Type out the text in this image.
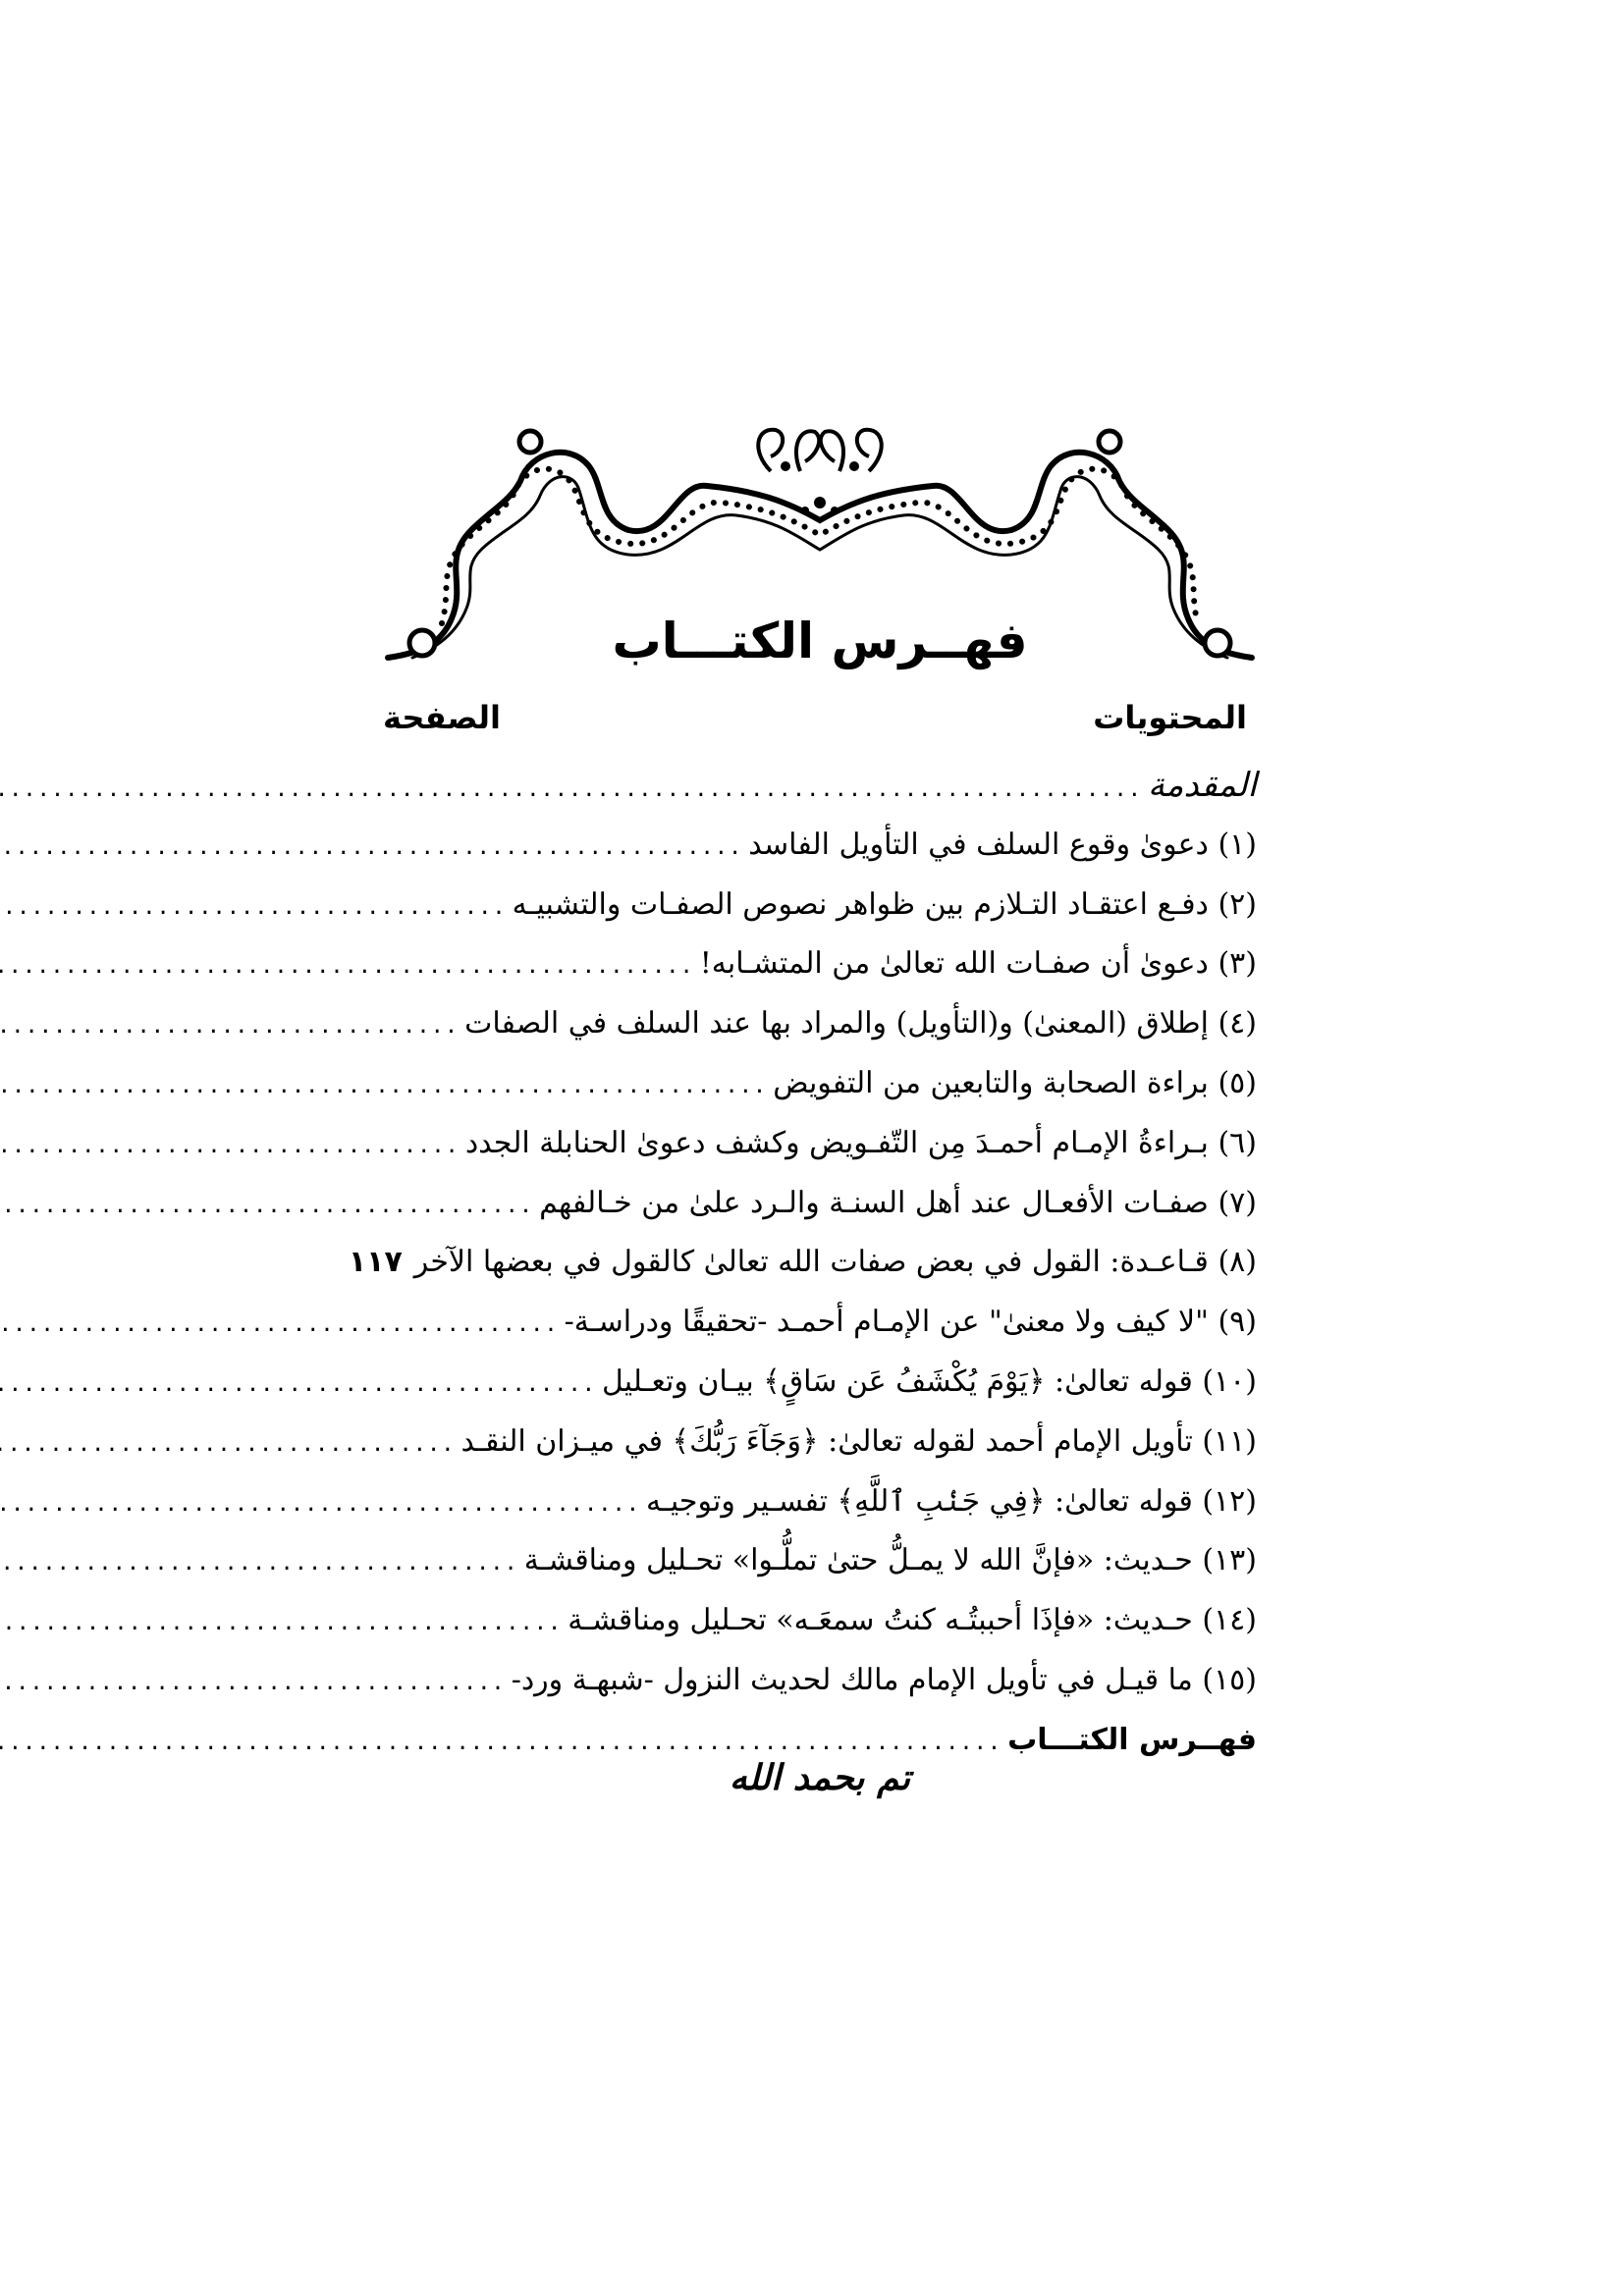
فهــرس الكتـــاب
المحتويات
الصفحة
المقدمة
.....
(١) دعوىٰ وقوع السلف في التأويل الفاسد
.....
(٢) دفـع اعتقـاد التـلازم بين ظواهر نصوص الصفـات والتشبيـه
.....
(٣) دعوىٰ أن صفـات الله تعالىٰ من المتشـابه!
.....
(٤) إطلاق (المعنىٰ) و(التأويل) والمراد بها عند السلف في الصفات
.....
(٥) براءة الصحابة والتابعين من التفويض
.....
(٦) بـراءةُ الإمـام أحمـدَ مِن التّفـويض وكشف دعوىٰ الحنابلة الجدد
.....
(٧) صفـات الأفعـال عند أهل السنـة والـرد علىٰ من خـالفهم
.....
(٨) قـاعـدة: القول في بعض صفات الله تعالىٰ كالقول في بعضها الآخر
١١٧
(٩) "لا كيف ولا معنىٰ" عن الإمـام أحمـد -تحقيقًا ودراسـة-
.....
(١٠) قوله تعالىٰ: ﴿يَوْمَ يُكْشَفُ عَن سَاقٍ﴾ بيـان وتعـليل
.....
(١١) تأويل الإمام أحمد لقوله تعالىٰ: ﴿وَجَآءَ رَبُّكَ﴾ في ميـزان النقـد
.....
(١٢) قوله تعالىٰ: ﴿فِي جَنۢبِ ٱللَّهِ﴾ تفسـير وتوجيـه
.....
(١٣) حـديث: «فإنَّ الله لا يمـلُّ حتىٰ تملُّـوا» تحـليل ومناقشـة
.....
(١٤) حـديث: «فإذَا أحببتُـه كنتُ سمعَـه» تحـليل ومناقشـة
.....
(١٥) ما قيـل في تأويل الإمام مالك لحديث النزول -شبهـة ورد-
.....
فهــرس الكتـــاب
.....
تم بحمد الله
